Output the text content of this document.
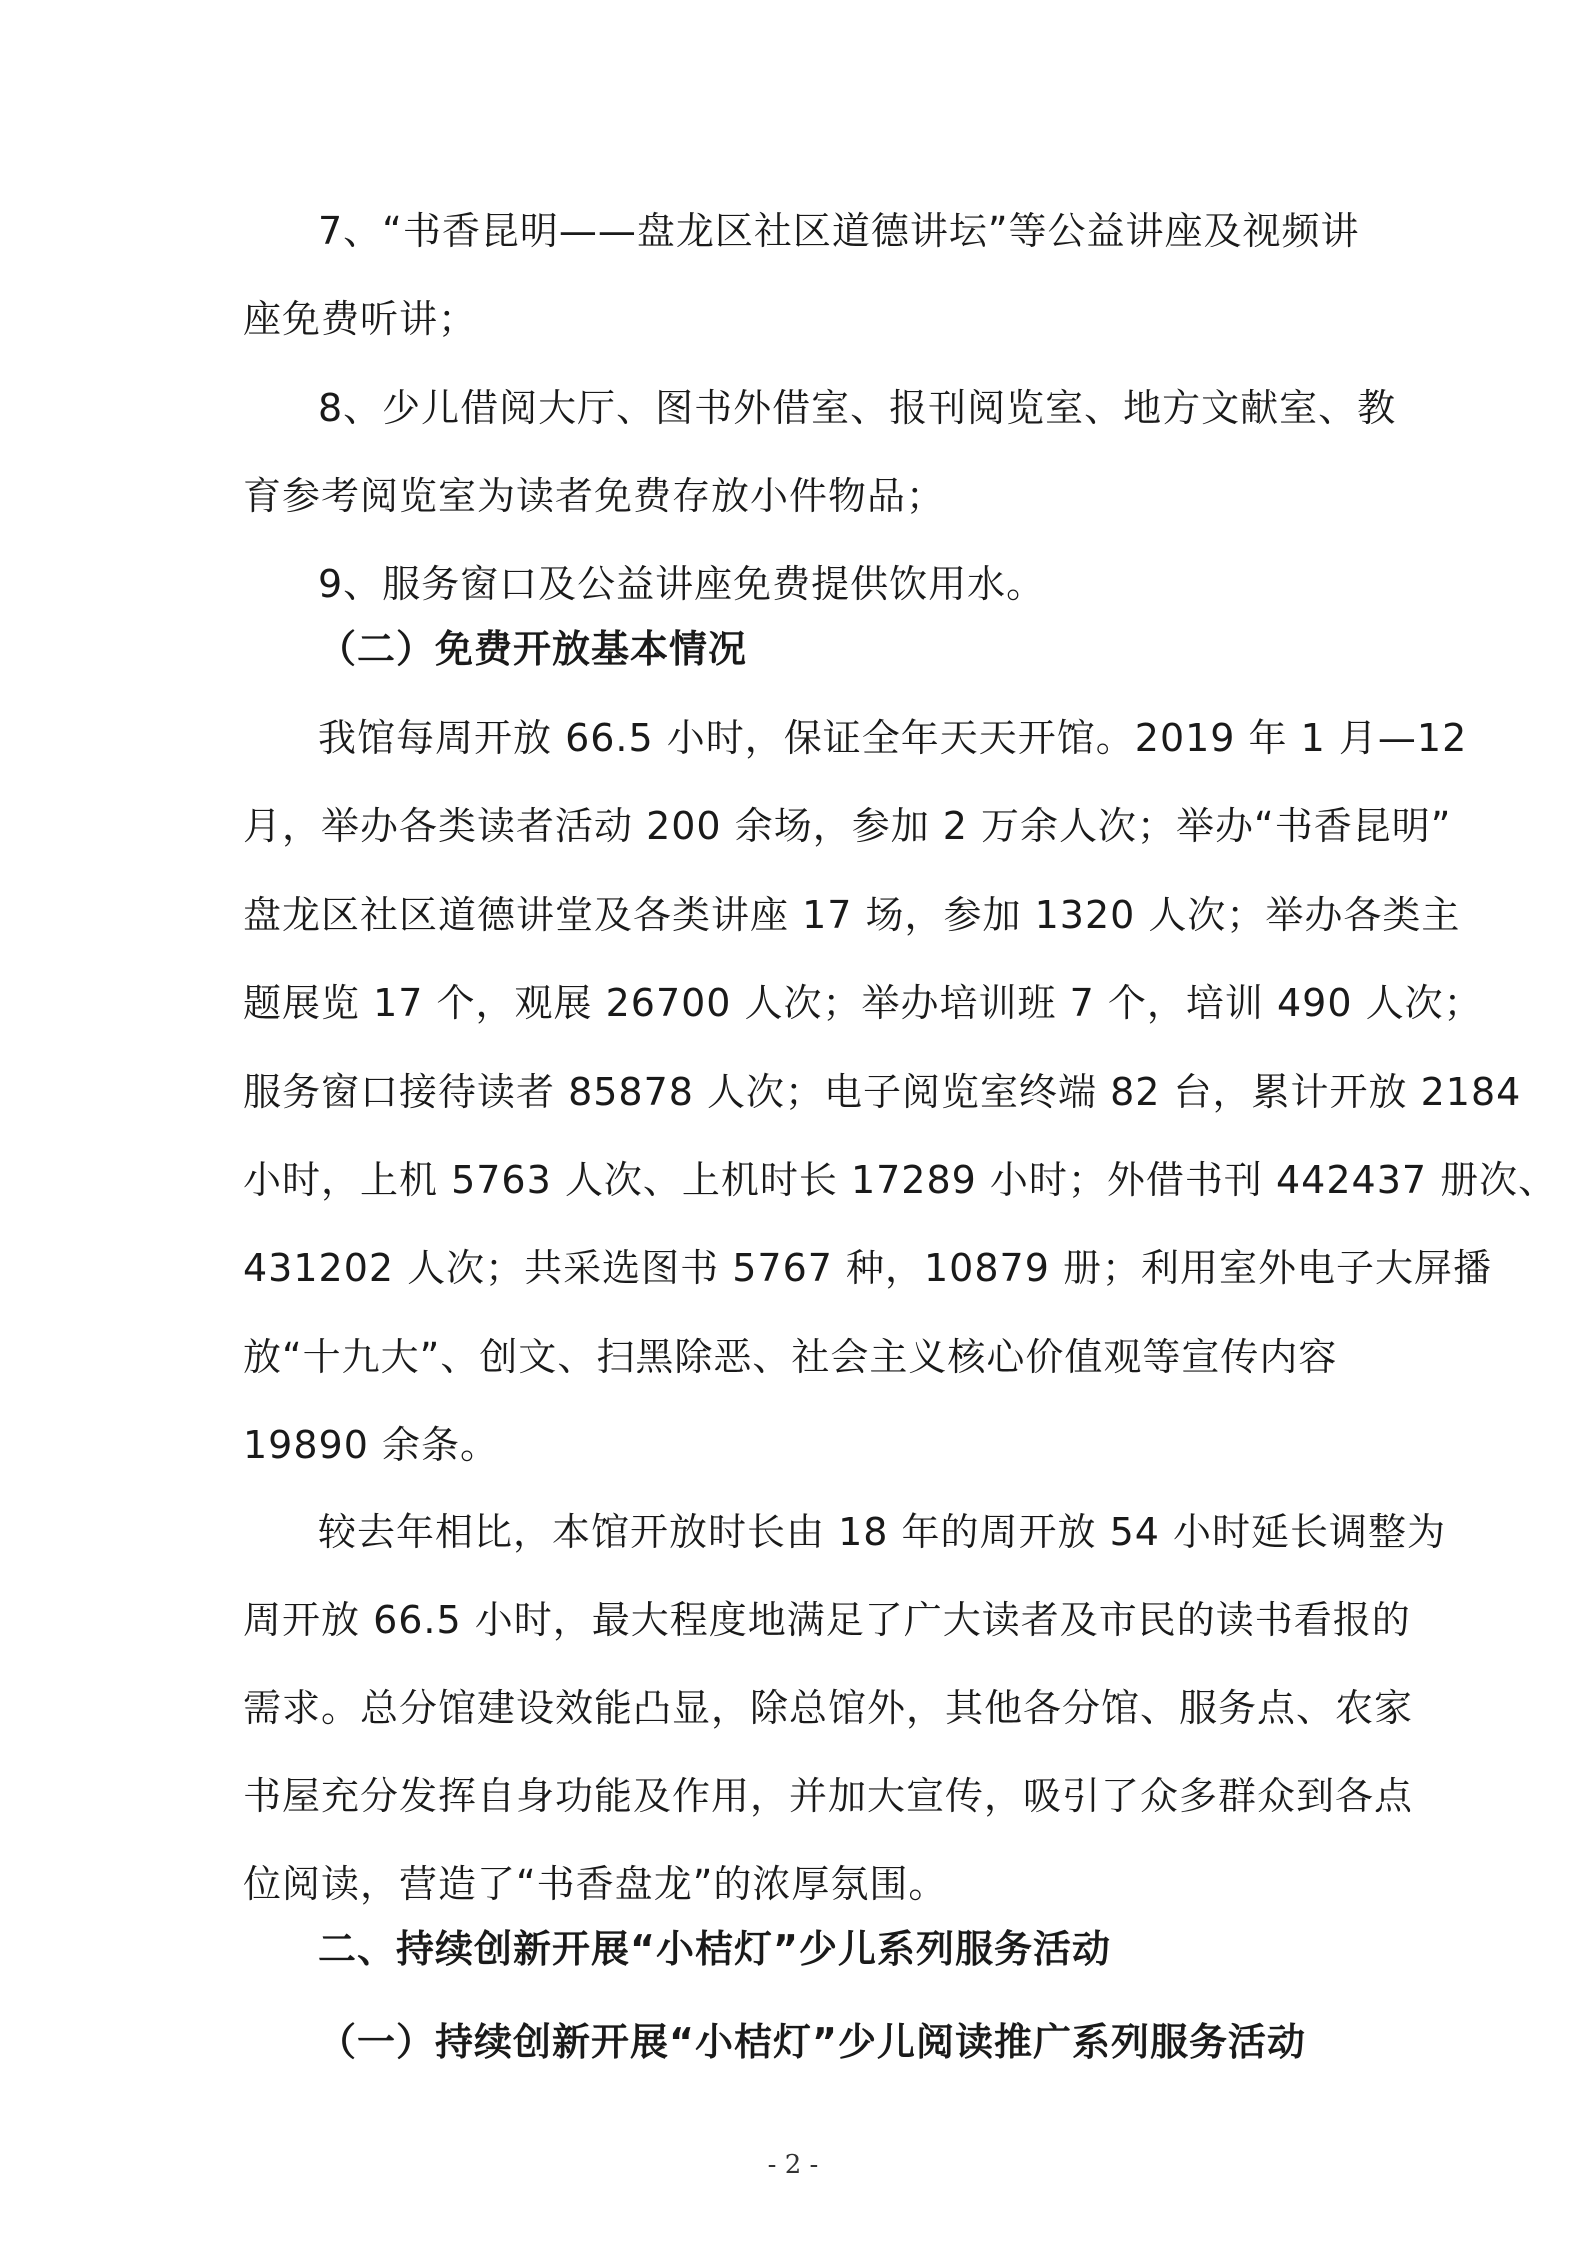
7、“书香昆明——盘龙区社区道德讲坛”等公益讲座及视频讲
座免费听讲；
8、少儿借阅大厅、图书外借室、报刊阅览室、地方文献室、教
育参考阅览室为读者免费存放小件物品；
9、服务窗口及公益讲座免费提供饮用水。
（二）免费开放基本情况
我馆每周开放 66.5 小时，保证全年天天开馆。2019 年 1 月—12
月，举办各类读者活动 200 余场，参加 2 万余人次；举办“书香昆明”
盘龙区社区道德讲堂及各类讲座 17 场，参加 1320 人次；举办各类主
题展览 17 个，观展 26700 人次；举办培训班 7 个，培训 490 人次；
服务窗口接待读者 85878 人次；电子阅览室终端 82 台，累计开放 2184
小时，上机 5763 人次、上机时长 17289 小时；外借书刊 442437 册次、
431202 人次；共采选图书 5767 种，10879 册；利用室外电子大屏播
放“十九大”、创文、扫黑除恶、社会主义核心价值观等宣传内容
19890 余条。
较去年相比，本馆开放时长由 18 年的周开放 54 小时延长调整为
周开放 66.5 小时，最大程度地满足了广大读者及市民的读书看报的
需求。总分馆建设效能凸显，除总馆外，其他各分馆、服务点、农家
书屋充分发挥自身功能及作用，并加大宣传，吸引了众多群众到各点
位阅读，营造了“书香盘龙”的浓厚氛围。
二、持续创新开展“小桔灯”少儿系列服务活动
（一）持续创新开展“小桔灯”少儿阅读推广系列服务活动
- 2 -
